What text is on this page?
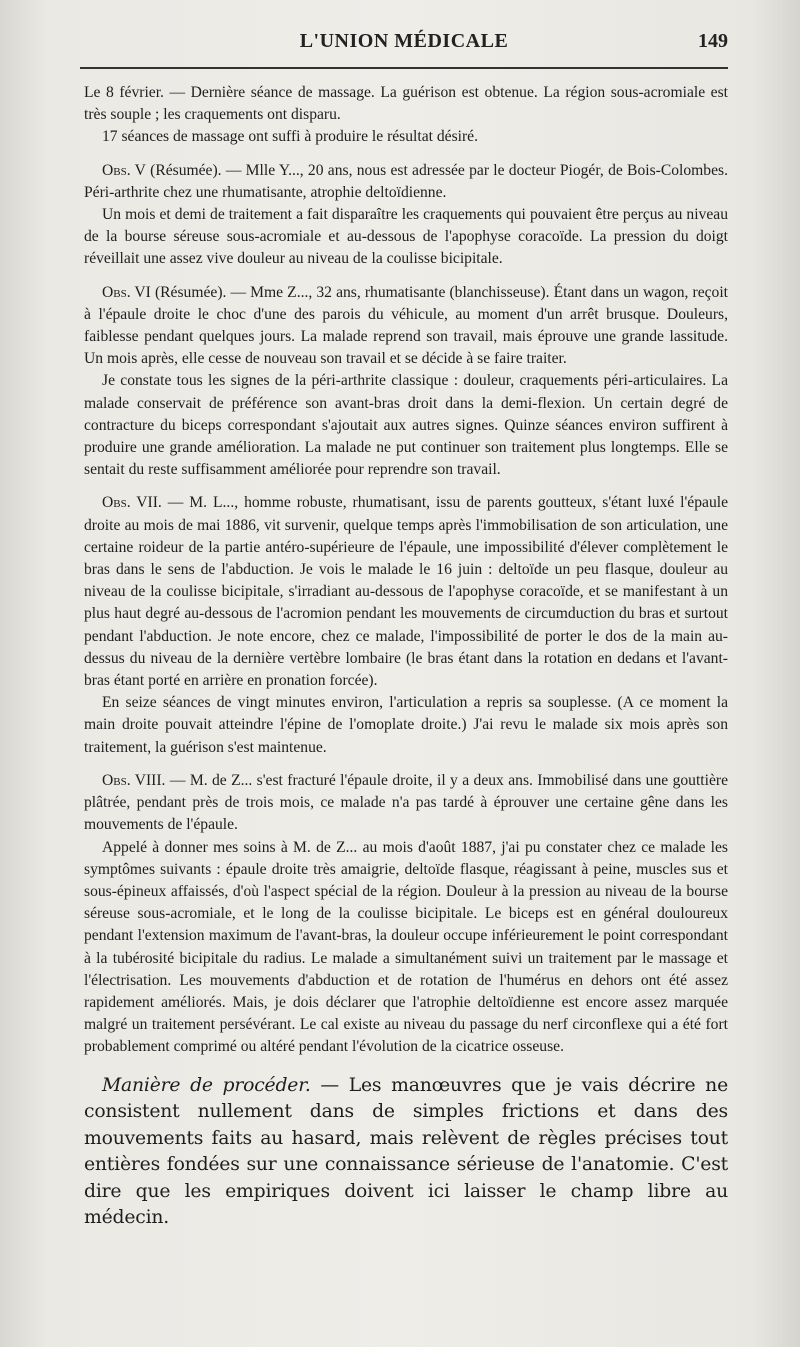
L'UNION MÉDICALE	149

Le 8 février. — Dernière séance de massage. La guérison est obtenue. La région sous-acromiale est très souple ; les craquements ont disparu.

17 séances de massage ont suffi à produire le résultat désiré.

Obs. V (Résumée). — Mlle Y..., 20 ans, nous est adressée par le docteur Piogér, de Bois-Colombes. Péri-arthrite chez une rhumatisante, atrophie deltoïdienne.

Un mois et demi de traitement a fait disparaître les craquements qui pouvaient être perçus au niveau de la bourse séreuse sous-acromiale et au-dessous de l'apophyse coracoïde. La pression du doigt réveillait une assez vive douleur au niveau de la coulisse bicipitale.

Obs. VI (Résumée). — Mme Z..., 32 ans, rhumatisante (blanchisseuse). Étant dans un wagon, reçoit à l'épaule droite le choc d'une des parois du véhicule, au moment d'un arrêt brusque. Douleurs, faiblesse pendant quelques jours. La malade reprend son travail, mais éprouve une grande lassitude. Un mois après, elle cesse de nouveau son travail et se décide à se faire traiter.

Je constate tous les signes de la péri-arthrite classique : douleur, craquements péri-articulaires. La malade conservait de préférence son avant-bras droit dans la demi-flexion. Un certain degré de contracture du biceps correspondant s'ajoutait aux autres signes. Quinze séances environ suffirent à produire une grande amélioration. La malade ne put continuer son traitement plus longtemps. Elle se sentait du reste suffisamment améliorée pour reprendre son travail.

Obs. VII. — M. L..., homme robuste, rhumatisant, issu de parents goutteux, s'étant luxé l'épaule droite au mois de mai 1886, vit survenir, quelque temps après l'immobilisation de son articulation, une certaine roideur de la partie antéro-supérieure de l'épaule, une impossibilité d'élever complètement le bras dans le sens de l'abduction. Je vois le malade le 16 juin : deltoïde un peu flasque, douleur au niveau de la coulisse bicipitale, s'irradiant au-dessous de l'apophyse coracoïde, et se manifestant à un plus haut degré au-dessous de l'acromion pendant les mouvements de circumduction du bras et surtout pendant l'abduction. Je note encore, chez ce malade, l'impossibilité de porter le dos de la main au-dessus du niveau de la dernière vertèbre lombaire (le bras étant dans la rotation en dedans et l'avant-bras étant porté en arrière en pronation forcée).

En seize séances de vingt minutes environ, l'articulation a repris sa souplesse. (A ce moment la main droite pouvait atteindre l'épine de l'omoplate droite.) J'ai revu le malade six mois après son traitement, la guérison s'est maintenue.

Obs. VIII. — M. de Z... s'est fracturé l'épaule droite, il y a deux ans. Immobilisé dans une gouttière plâtrée, pendant près de trois mois, ce malade n'a pas tardé à éprouver une certaine gêne dans les mouvements de l'épaule.

Appelé à donner mes soins à M. de Z... au mois d'août 1887, j'ai pu constater chez ce malade les symptômes suivants : épaule droite très amaigrie, deltoïde flasque, réagissant à peine, muscles sus et sous-épineux affaissés, d'où l'aspect spécial de la région. Douleur à la pression au niveau de la bourse séreuse sous-acromiale, et le long de la coulisse bicipitale. Le biceps est en général douloureux pendant l'extension maximum de l'avant-bras, la douleur occupe inférieurement le point correspondant à la tubérosité bicipitale du radius. Le malade a simultanément suivi un traitement par le massage et l'électrisation. Les mouvements d'abduction et de rotation de l'humérus en dehors ont été assez rapidement améliorés. Mais, je dois déclarer que l'atrophie deltoïdienne est encore assez marquée malgré un traitement persévérant. Le cal existe au niveau du passage du nerf circonflexe qui a été fort probablement comprimé ou altéré pendant l'évolution de la cicatrice osseuse.

Manière de procéder. — Les manœuvres que je vais décrire ne consistent nullement dans de simples frictions et dans des mouvements faits au hasard, mais relèvent de règles précises tout entières fondées sur une connaissance sérieuse de l'anatomie. C'est dire que les empiriques doivent ici laisser le champ libre au médecin.
